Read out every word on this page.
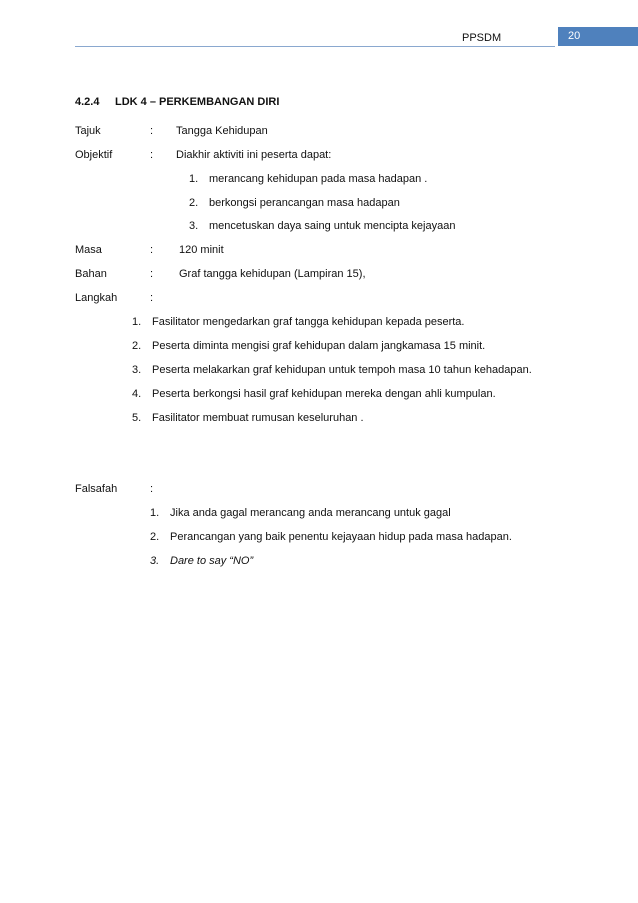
PPSDM	20
4.2.4 LDK 4 – PERKEMBANGAN DIRI
Tajuk	: Tangga Kehidupan
Objektif	: Diakhir aktiviti ini peserta dapat:
1. merancang kehidupan pada masa hadapan .
2. berkongsi perancangan masa hadapan
3. mencetuskan daya saing untuk mencipta kejayaan
Masa	: 120 minit
Bahan	: Graf tangga kehidupan (Lampiran 15),
Langkah	:
1. Fasilitator mengedarkan graf tangga kehidupan kepada peserta.
2. Peserta diminta mengisi graf kehidupan dalam jangkamasa 15 minit.
3. Peserta melakarkan graf kehidupan untuk tempoh masa 10 tahun kehadapan.
4. Peserta berkongsi hasil graf kehidupan mereka dengan ahli kumpulan.
5. Fasilitator membuat rumusan keseluruhan .
Falsafah	:
1. Jika anda gagal merancang anda merancang untuk gagal
2. Perancangan yang baik penentu kejayaan hidup pada masa hadapan.
3. Dare to say “NO”
